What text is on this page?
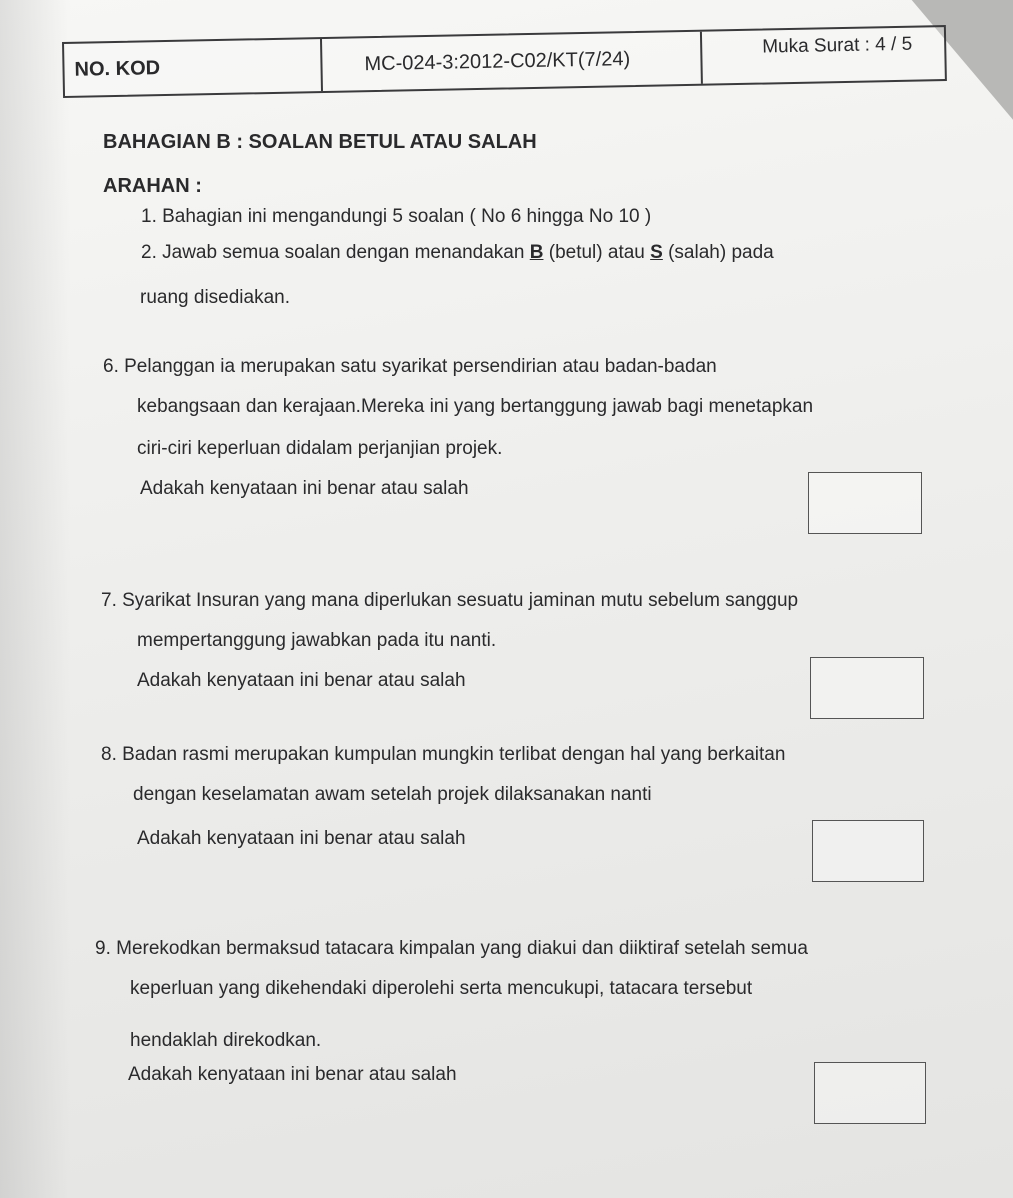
NO. KOD	MC-024-3:2012-C02/KT(7/24)
Muka Surat : 4 / 5
BAHAGIAN B : SOALAN BETUL ATAU SALAH
ARAHAN :
1. Bahagian ini mengandungi 5 soalan ( No 6 hingga No 10 )
2. Jawab semua soalan dengan menandakan B (betul) atau S (salah) pada
ruang disediakan.
6. Pelanggan ia merupakan satu syarikat persendirian atau badan-badan
kebangsaan dan kerajaan.Mereka ini yang bertanggung jawab bagi menetapkan
ciri-ciri keperluan didalam perjanjian projek.
Adakah kenyataan ini benar atau salah
7. Syarikat Insuran yang mana diperlukan sesuatu jaminan mutu sebelum sanggup
mempertanggung jawabkan pada itu nanti.
Adakah kenyataan ini benar atau salah
8. Badan rasmi merupakan kumpulan mungkin terlibat dengan hal yang berkaitan
dengan keselamatan awam setelah projek dilaksanakan nanti
Adakah kenyataan ini benar atau salah
9. Merekodkan bermaksud tatacara kimpalan yang diakui dan diiktiraf setelah semua
keperluan yang dikehendaki diperolehi serta mencukupi, tatacara tersebut
hendaklah direkodkan.
Adakah kenyataan ini benar atau salah
